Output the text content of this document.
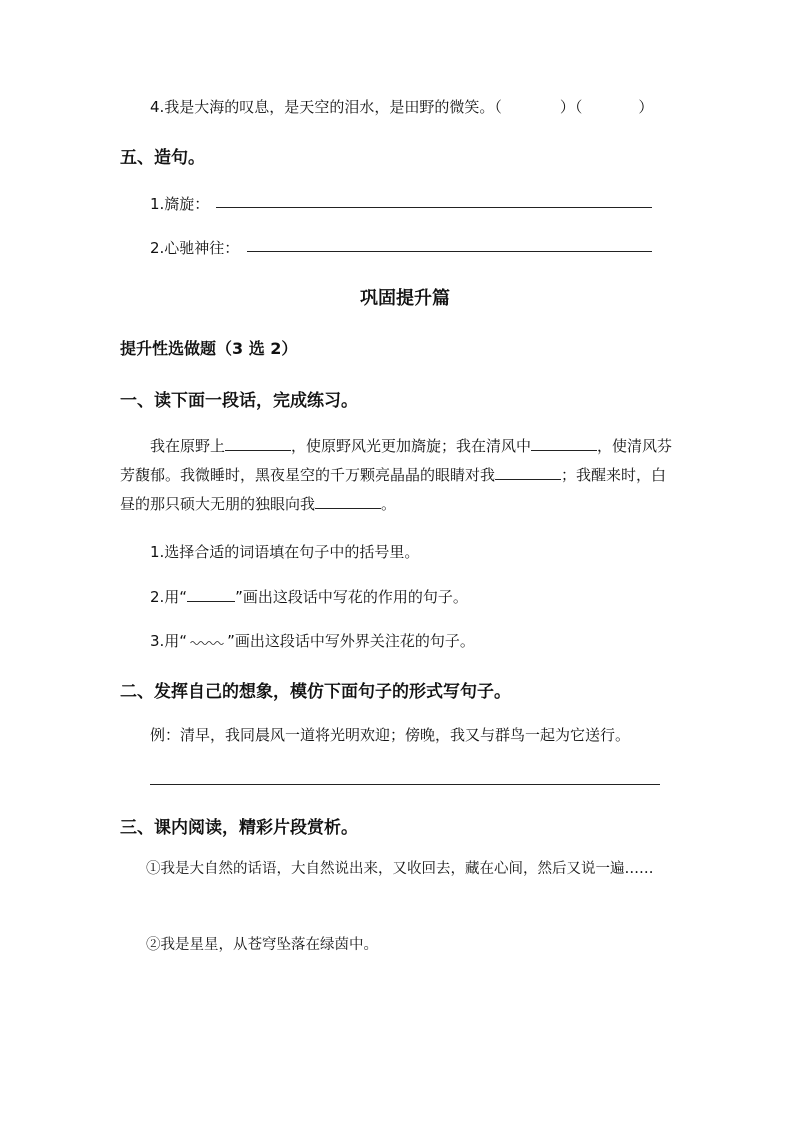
4.我是大海的叹息，是天空的泪水，是田野的微笑。（	）（	）
五、造句。
1.旖旋：
2.心驰神往：
巩固提升篇
提升性选做题（3 选 2）
一、读下面一段话，完成练习。
我在原野上	，使原野风光更加旖旋；我在清风中	，使清风芬芳馥郁。我微睡时，黑夜星空的千万颗亮晶晶的眼睛对我	；我醒来时，白昼的那只硕大无朋的独眼向我	。
1.选择合适的词语填在句子中的括号里。
2.用“	”画出这段话中写花的作用的句子。
3.用“	”画出这段话中写外界关注花的句子。
二、发挥自己的想象，模仿下面句子的形式写句子。
例：清早，我同晨风一道将光明欢迎；傍晚，我又与群鸟一起为它送行。
三、课内阅读，精彩片段赏析。
①我是大自然的话语，大自然说出来，又收回去，藏在心间，然后又说一遍……
②我是星星，从苍穹坠落在绿茵中。
